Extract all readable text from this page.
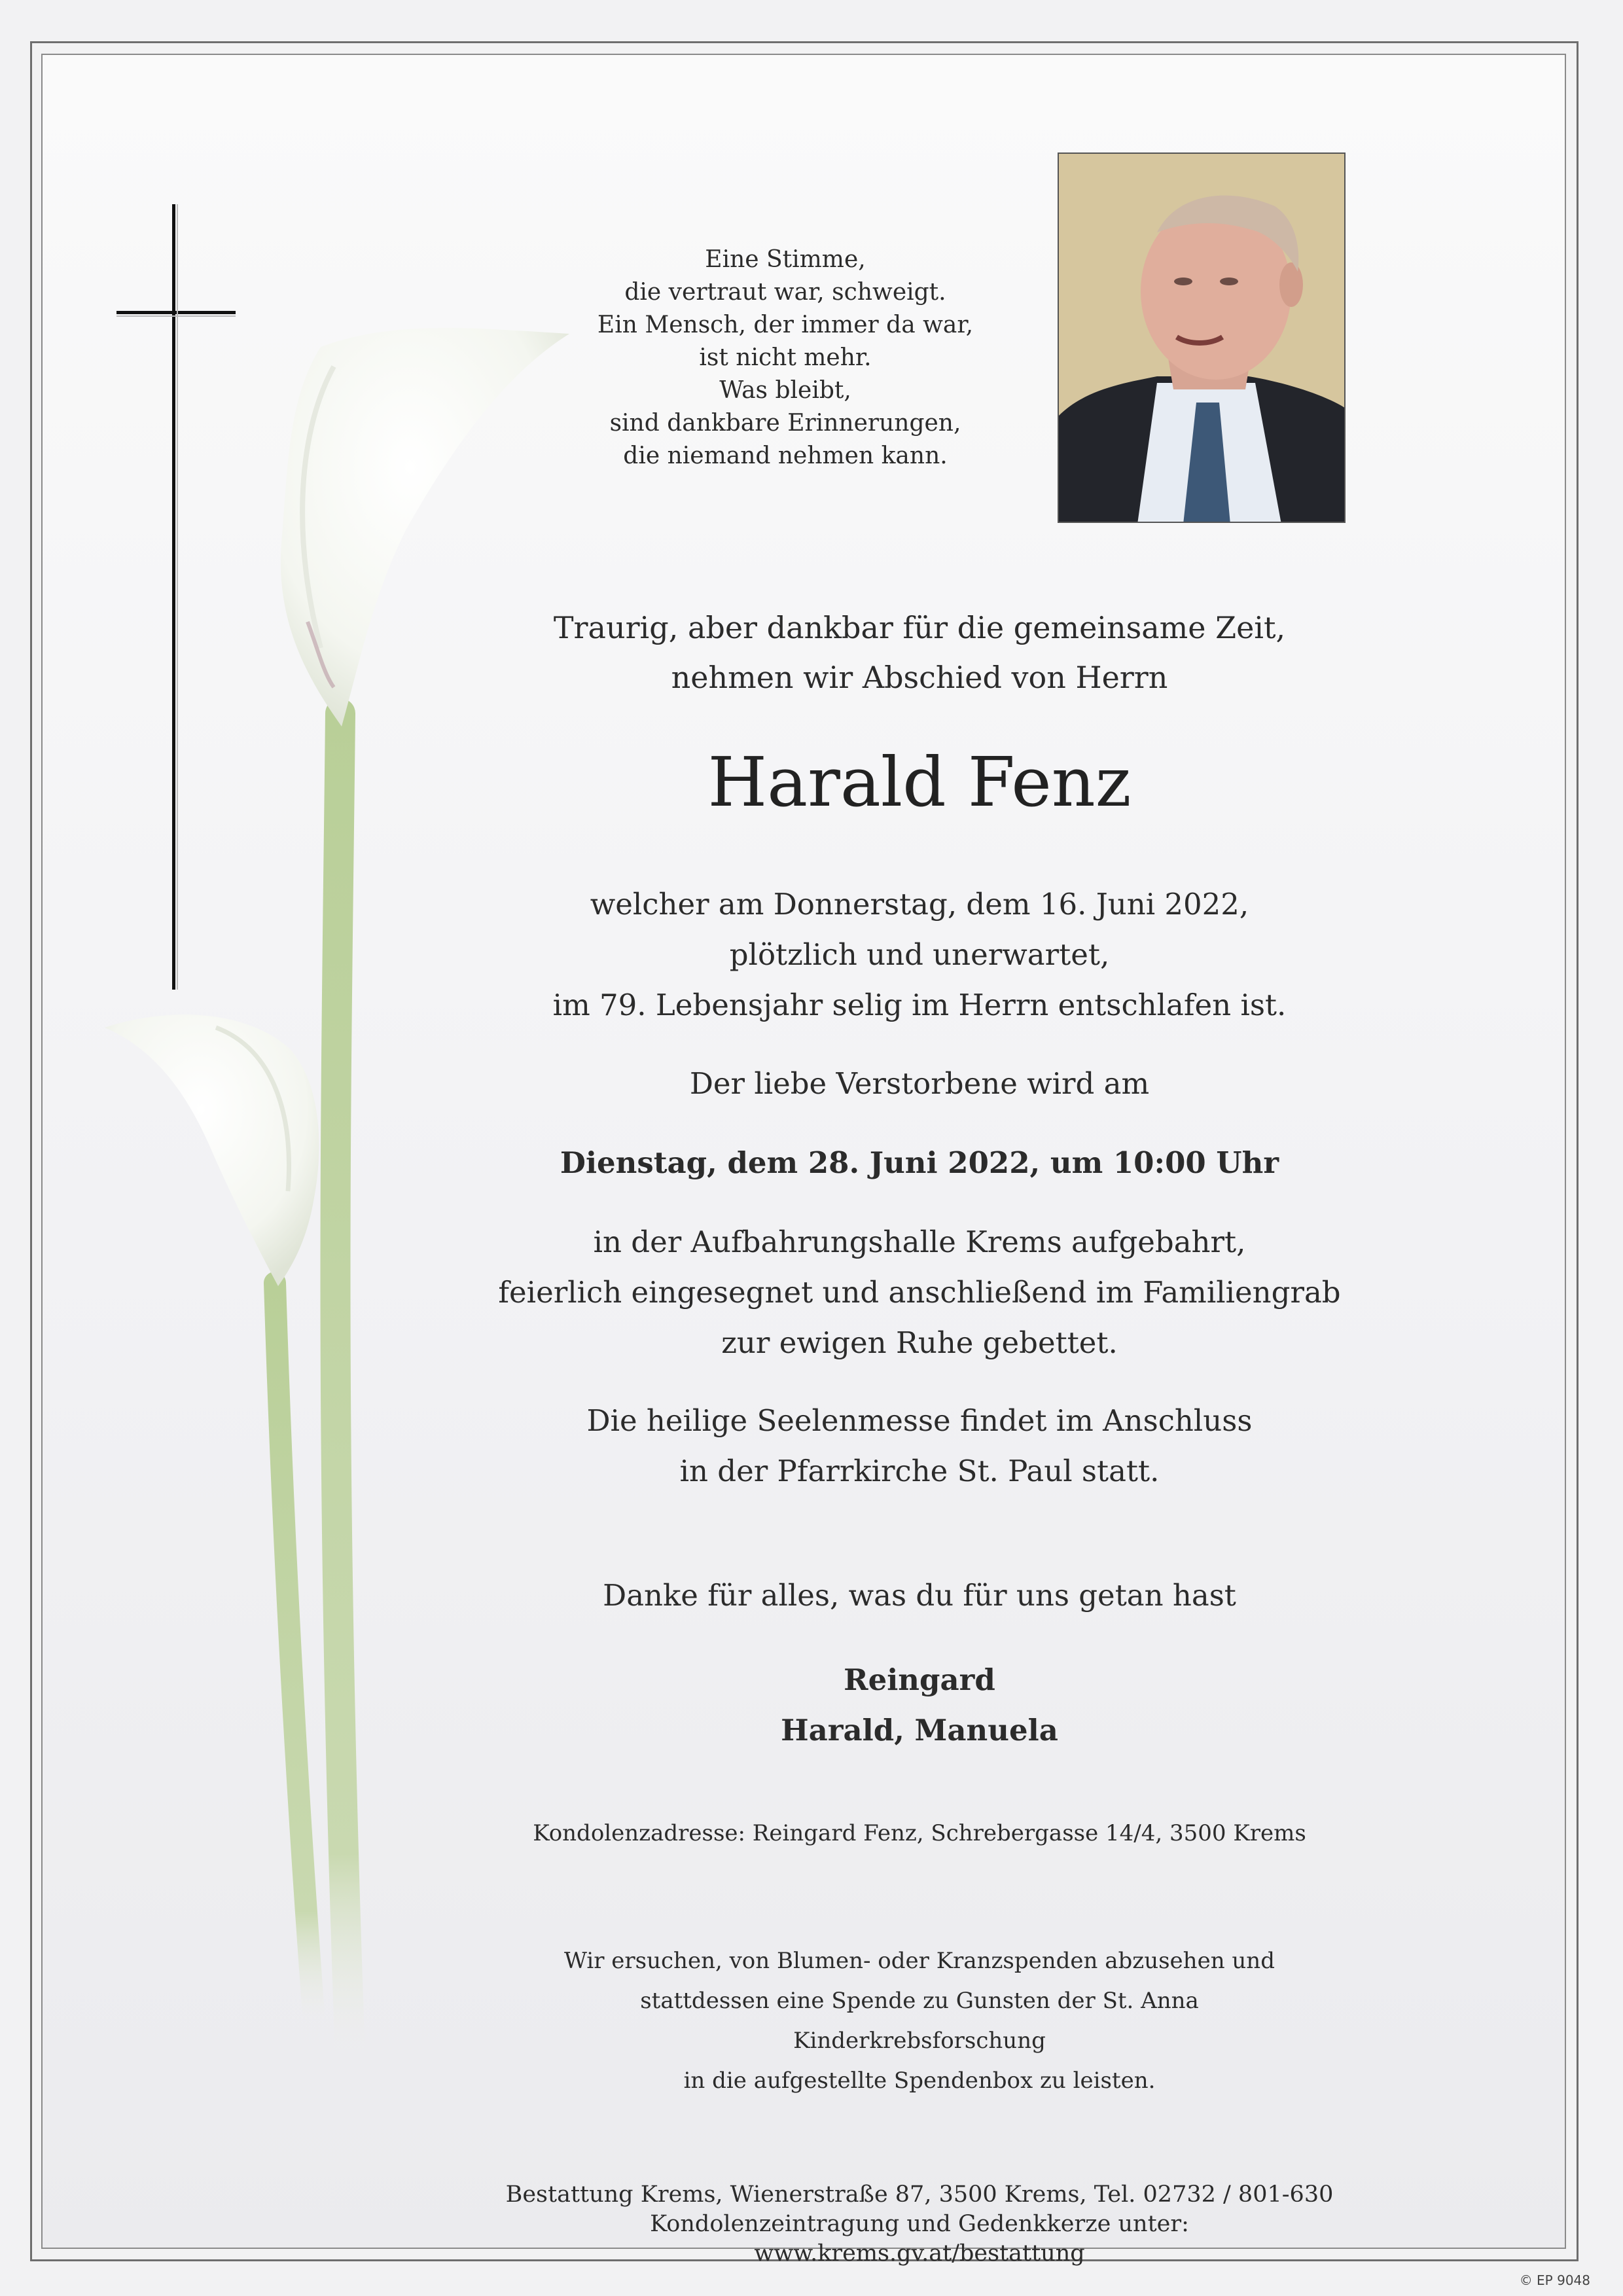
Eine Stimme,
die vertraut war, schweigt.
Ein Mensch, der immer da war,
ist nicht mehr.
Was bleibt,
sind dankbare Erinnerungen,
die niemand nehmen kann.
Traurig, aber dankbar für die gemeinsame Zeit,
nehmen wir Abschied von Herrn
Harald Fenz
welcher am Donnerstag, dem 16. Juni 2022,
plötzlich und unerwartet,
im 79. Lebensjahr selig im Herrn entschlafen ist.
Der liebe Verstorbene wird am
Dienstag, dem 28. Juni 2022, um 10:00 Uhr
in der Aufbahrungshalle Krems aufgebahrt,
feierlich eingesegnet und anschließend im Familiengrab
zur ewigen Ruhe gebettet.
Die heilige Seelenmesse findet im Anschluss
in der Pfarrkirche St. Paul statt.
Danke für alles, was du für uns getan hast
Reingard
Harald, Manuela
Kondolenzadresse: Reingard Fenz, Schrebergasse 14/4, 3500 Krems
Wir ersuchen, von Blumen- oder Kranzspenden abzusehen und
stattdessen eine Spende zu Gunsten der St. Anna Kinderkrebsforschung
in die aufgestellte Spendenbox zu leisten.
Bestattung Krems, Wienerstraße 87, 3500 Krems, Tel. 02732 / 801-630
Kondolenzeintragung und Gedenkkerze unter: www.krems.gv.at/bestattung
© EP 9048
